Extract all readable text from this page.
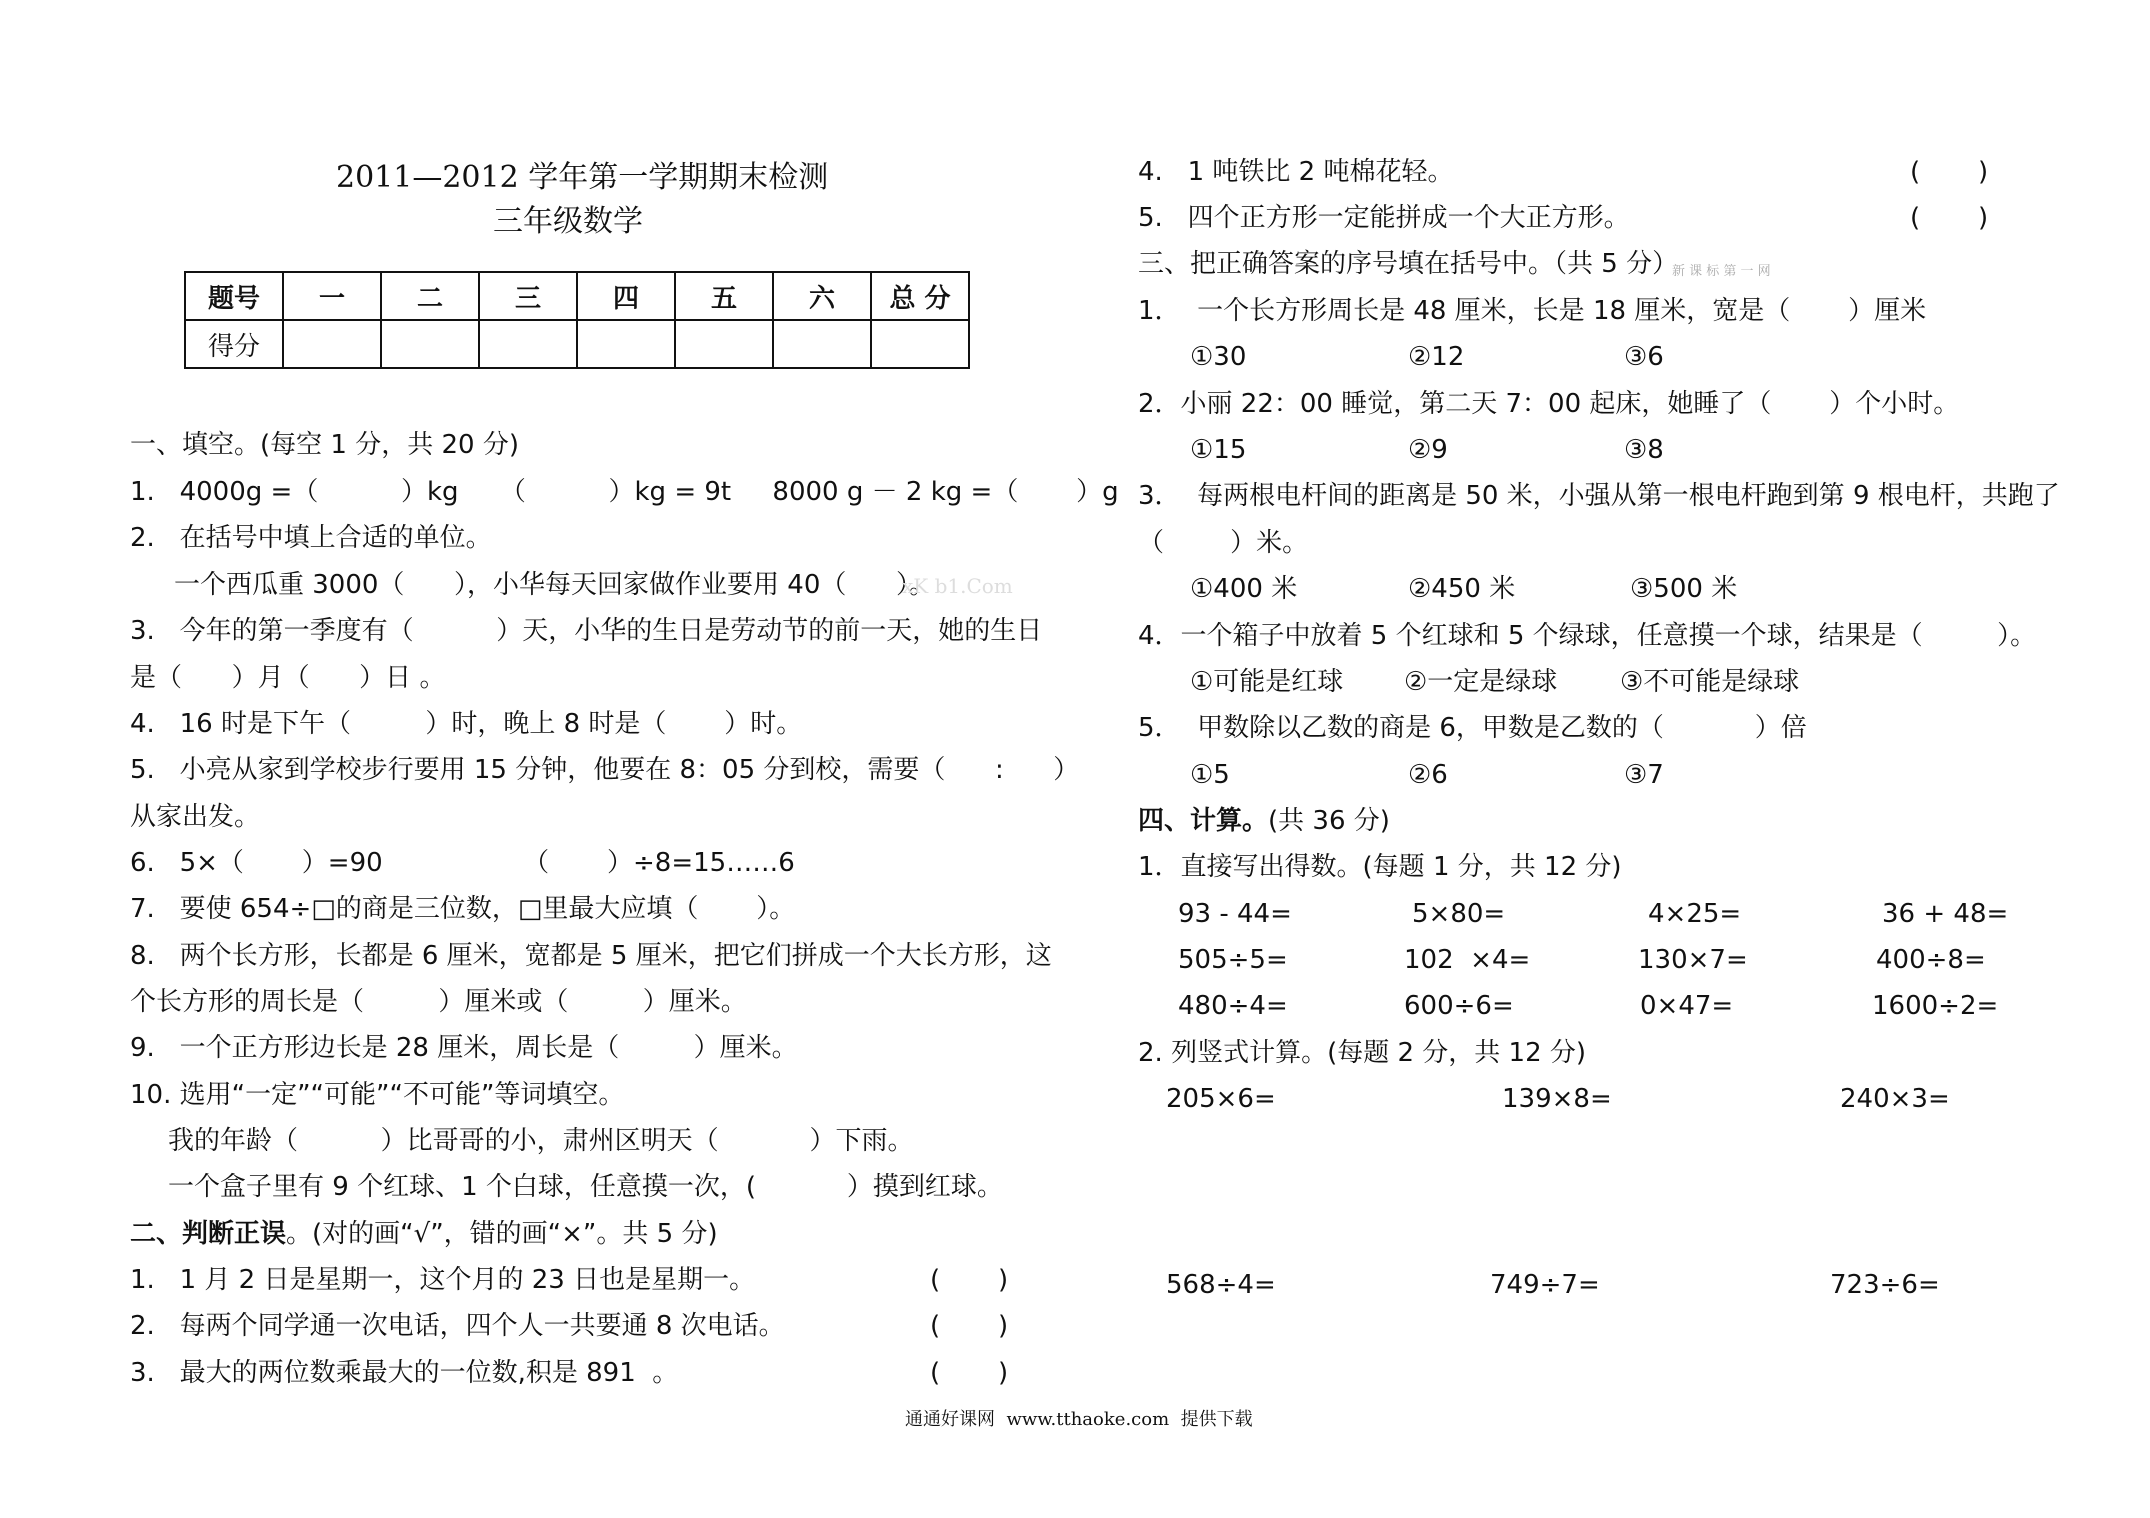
2011—2012 学年第一学期期末检测
三年级数学
题号	一	二	三	四	五	六	总 分
得分							
一、填空。(每空 1 分，共 20 分)
1.   4000g =（          ）kg     （          ）kg = 9t     8000 g － 2 kg =（       ）g
2.   在括号中填上合适的单位。
一个西瓜重 3000（      ），小华每天回家做作业要用 40（      ）。
xK b1.Com
3.   今年的第一季度有（          ）天，小华的生日是劳动节的前一天，她的生日
是（      ）月（      ）日 。
4.   16 时是下午（         ）时，晚上 8 时是（       ）时。
5.   小亮从家到学校步行要用 15 分钟，他要在 8：05 分到校，需要（      :      ）
从家出发。
6.   5×（       ）=90                 （       ）÷8=15……6
7.   要使 654÷□的商是三位数，□里最大应填（       ）。
8.   两个长方形，长都是 6 厘米，宽都是 5 厘米，把它们拼成一个大长方形，这
个长方形的周长是（         ）厘米或（         ）厘米。
9.   一个正方形边长是 28 厘米，周长是（         ）厘米。
10. 选用“一定”“可能”“不可能”等词填空。
我的年龄（          ）比哥哥的小，肃州区明天（           ）下雨。
一个盒子里有 9 个红球、1 个白球，任意摸一次，(           ）摸到红球。
二、判断正误。(对的画“√”，错的画“×”。共 5 分)
1.   1 月 2 日是星期一，这个月的 23 日也是星期一。	(       )
2.   每两个同学通一次电话，四个人一共要通 8 次电话。	(       )
3.   最大的两位数乘最大的一位数,积是 891  。	(       )
4.   1 吨铁比 2 吨棉花轻。	(       )
5.   四个正方形一定能拼成一个大正方形。	(       )
三、把正确答案的序号填在括号中。（共 5 分）
新 课 标 第 一 网
1．  一个长方形周长是 48 厘米，长是 18 厘米，宽是（       ）厘米
①30	②12	③6
2．小丽 22：00 睡觉，第二天 7：00 起床，她睡了（       ）个小时。
①15	②9	③8
3．  每两根电杆间的距离是 50 米，小强从第一根电杆跑到第 9 根电杆，共跑了
（        ）米。
①400 米	②450 米	③500 米
4．一个箱子中放着 5 个红球和 5 个绿球，任意摸一个球，结果是（         ）。
①可能是红球 ②一定是绿球 ③不可能是绿球
5．  甲数除以乙数的商是 6，甲数是乙数的（           ）倍
①5	②6	③7
四、计算。(共 36 分)
1．直接写出得数。(每题 1 分，共 12 分)
93 - 44=	5×80=	4×25=	36 + 48=
505÷5=	102  ×4=	130×7=	400÷8=
480÷4=	600÷6=	0×47=	1600÷2=
2. 列竖式计算。(每题 2 分，共 12 分)
205×6=	139×8=	240×3=
568÷4=	749÷7=	723÷6=
通通好课网  www.tthaoke.com  提供下载
